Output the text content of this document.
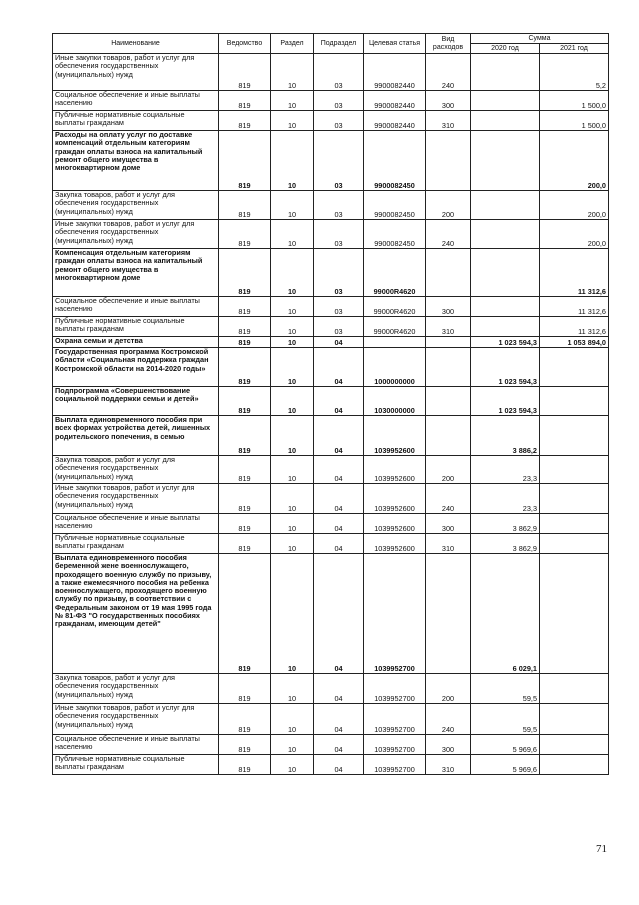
Наименование	Ведомство	Раздел	Подраздел	Целевая статья	Вид расходов	Сумма	
						2020 год	2021 год
Иные закупки товаров, работ и услуг для обеспечения государственных (муниципальных) нужд	819	10	03	9900082440	240		5,2
Социальное обеспечение и иные выплаты населению	819	10	03	9900082440	300		1 500,0
Публичные нормативные социальные выплаты гражданам	819	10	03	9900082440	310		1 500,0
Расходы на оплату услуг по доставке компенсаций отдельным категориям граждан оплаты взноса на капитальный ремонт общего имущества в многоквартирном доме	819	10	03	9900082450			200,0
Закупка товаров, работ и услуг для обеспечения государственных (муниципальных) нужд	819	10	03	9900082450	200		200,0
Иные закупки товаров, работ и услуг для обеспечения государственных (муниципальных) нужд	819	10	03	9900082450	240		200,0
Компенсация отдельным категориям граждан оплаты взноса на капитальный ремонт общего имущества в многоквартирном доме	819	10	03	99000R4620			11 312,6
Социальное обеспечение и иные выплаты населению	819	10	03	99000R4620	300		11 312,6
Публичные нормативные социальные выплаты гражданам	819	10	03	99000R4620	310		11 312,6
Охрана семьи и детства	819	10	04			1 023 594,3	1 053 894,0
Государственная программа Костромской области «Социальная поддержка граждан Костромской области на 2014-2020 годы»	819	10	04	1000000000		1 023 594,3	
Подпрограмма «Совершенствование социальной поддержки семьи и детей»	819	10	04	1030000000		1 023 594,3	
Выплата единовременного пособия при всех формах устройства детей, лишенных родительского попечения, в семью	819	10	04	1039952600		3 886,2	
Закупка товаров, работ и услуг для обеспечения государственных (муниципальных) нужд	819	10	04	1039952600	200	23,3	
Иные закупки товаров, работ и услуг для обеспечения государственных (муниципальных) нужд	819	10	04	1039952600	240	23,3	
Социальное обеспечение и иные выплаты населению	819	10	04	1039952600	300	3 862,9	
Публичные нормативные социальные выплаты гражданам	819	10	04	1039952600	310	3 862,9	
Выплата единовременного пособия беременной жене военнослужащего, проходящего военную службу по призыву, а также ежемесячного пособия на ребенка военнослужащего, проходящего военную службу по призыву, в соответствии с Федеральным законом от 19 мая 1995 года № 81-ФЗ "О государственных пособиях гражданам, имеющим детей"	819	10	04	1039952700		6 029,1	
Закупка товаров, работ и услуг для обеспечения государственных (муниципальных) нужд	819	10	04	1039952700	200	59,5	
Иные закупки товаров, работ и услуг для обеспечения государственных (муниципальных) нужд	819	10	04	1039952700	240	59,5	
Социальное обеспечение и иные выплаты населению	819	10	04	1039952700	300	5 969,6	
Публичные нормативные социальные выплаты гражданам	819	10	04	1039952700	310	5 969,6	
71
